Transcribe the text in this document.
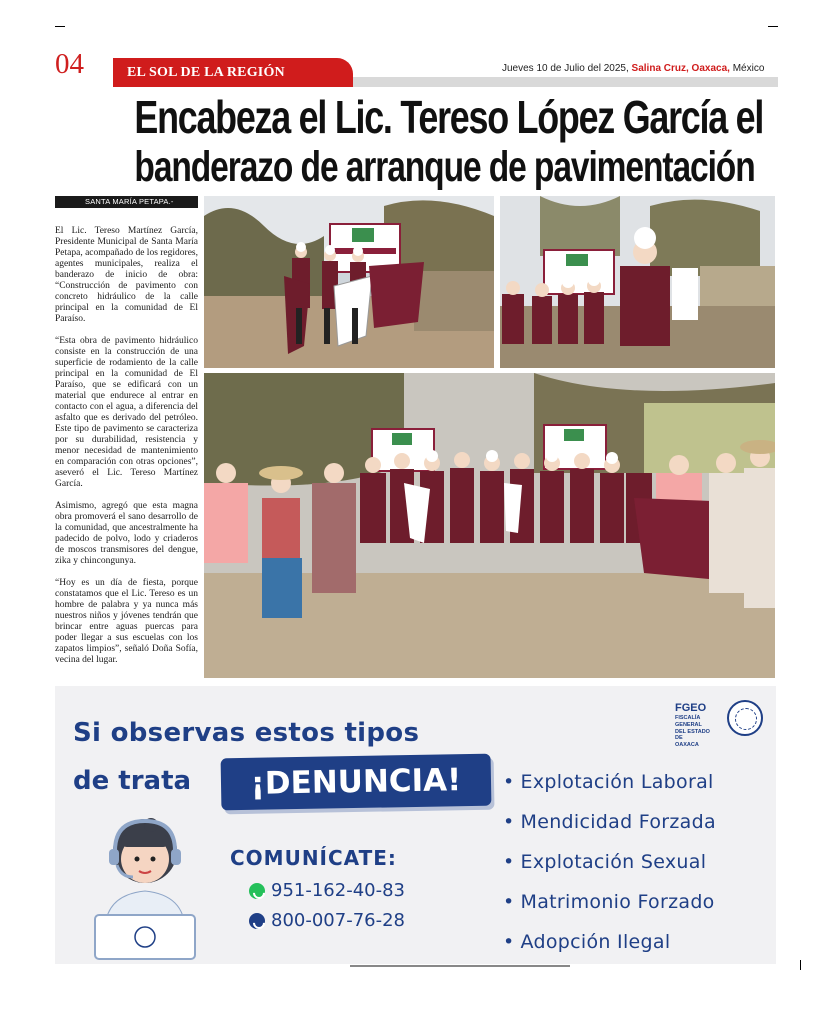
04	EL SOL DE LA REGIÓN	Jueves 10 de Julio del 2025, Salina Cruz, Oaxaca, México
Encabeza el Lic. Tereso López García el
banderazo de arranque de pavimentación
SANTA MARÍA PETAPA.-

El Lic. Tereso Martínez García, Presidente Municipal de Santa María Petapa, acompañado de los regidores, agentes municipales, realiza el banderazo de inicio de obra: “Construcción de pavimento con concreto hidráulico de la calle principal en la comunidad de El Paraíso.

“Esta obra de pavimento hidráulico consiste en la construcción de una superficie de rodamiento de la calle principal en la comunidad de El Paraíso, que se edificará con un material que endurece al entrar en contacto con el agua, a diferencia del asfalto que es derivado del petróleo. Este tipo de pavimento se caracteriza por su durabilidad, resistencia y menor necesidad de mantenimiento en comparación con otras opciones”, aseveró el Lic. Tereso Martínez García.

Asimismo, agregó que esta magna obra promoverá el sano desarrollo de la comunidad, que ancestralmente ha padecido de polvo, lodo y criaderos de moscos transmisores del dengue, zika y chincongunya.

“Hoy es un día de fiesta, porque constatamos que el Lic. Tereso es un hombre de palabra y ya nunca más nuestros niños y jóvenes tendrán que brincar entre aguas puercas para poder llegar a sus escuelas con los zapatos limpios”, señaló Doña Sofía, vecina del lugar.

Si observas estos tipos
de trata	¡DENUNCIA!
COMUNÍCATE:
951-162-40-83
800-007-76-28
• Explotación Laboral
• Mendicidad Forzada
• Explotación Sexual
• Matrimonio Forzado
• Adopción Ilegal
FGEO
FISCALÍA
GENERAL
DEL ESTADO DE
OAXACA
